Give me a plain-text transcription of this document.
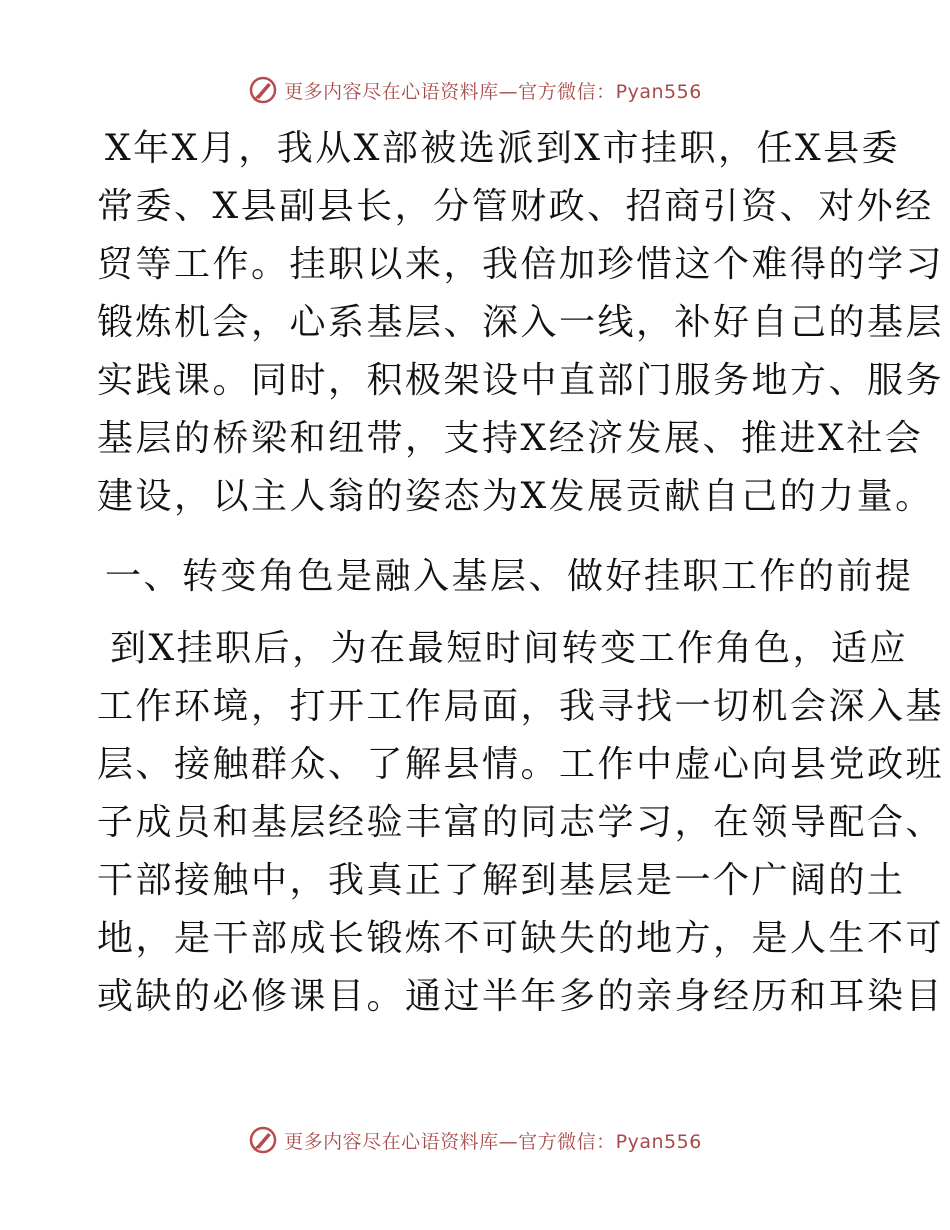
更多内容尽在心语资料库—官方微信：Pyan556
X年X月，我从X部被选派到X市挂职，任X县委
常委、X县副县长，分管财政、招商引资、对外经
贸等工作。挂职以来，我倍加珍惜这个难得的学习
锻炼机会，心系基层、深入一线，补好自己的基层
实践课。同时，积极架设中直部门服务地方、服务
基层的桥梁和纽带，支持X经济发展、推进X社会
建设，以主人翁的姿态为X发展贡献自己的力量。
一、转变角色是融入基层、做好挂职工作的前提
到X挂职后，为在最短时间转变工作角色，适应
工作环境，打开工作局面，我寻找一切机会深入基
层、接触群众、了解县情。工作中虚心向县党政班
子成员和基层经验丰富的同志学习，在领导配合、
干部接触中，我真正了解到基层是一个广阔的土
地，是干部成长锻炼不可缺失的地方，是人生不可
或缺的必修课目。通过半年多的亲身经历和耳染目
更多内容尽在心语资料库—官方微信：Pyan556
